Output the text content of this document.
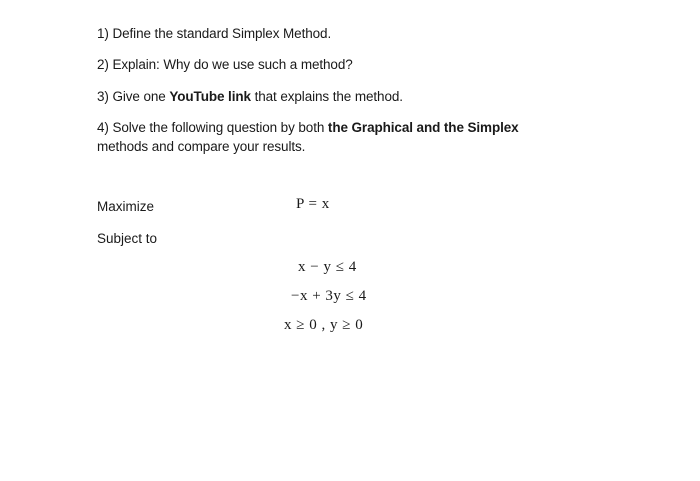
1) Define the standard Simplex Method.
2) Explain: Why do we use such a method?
3) Give one YouTube link that explains the method.
4) Solve the following question by both the Graphical and the Simplex
methods and compare your results.
Maximize	P = x
Subject to
x − y ≤ 4
−x + 3y ≤ 4
x ≥ 0 , y ≥ 0
